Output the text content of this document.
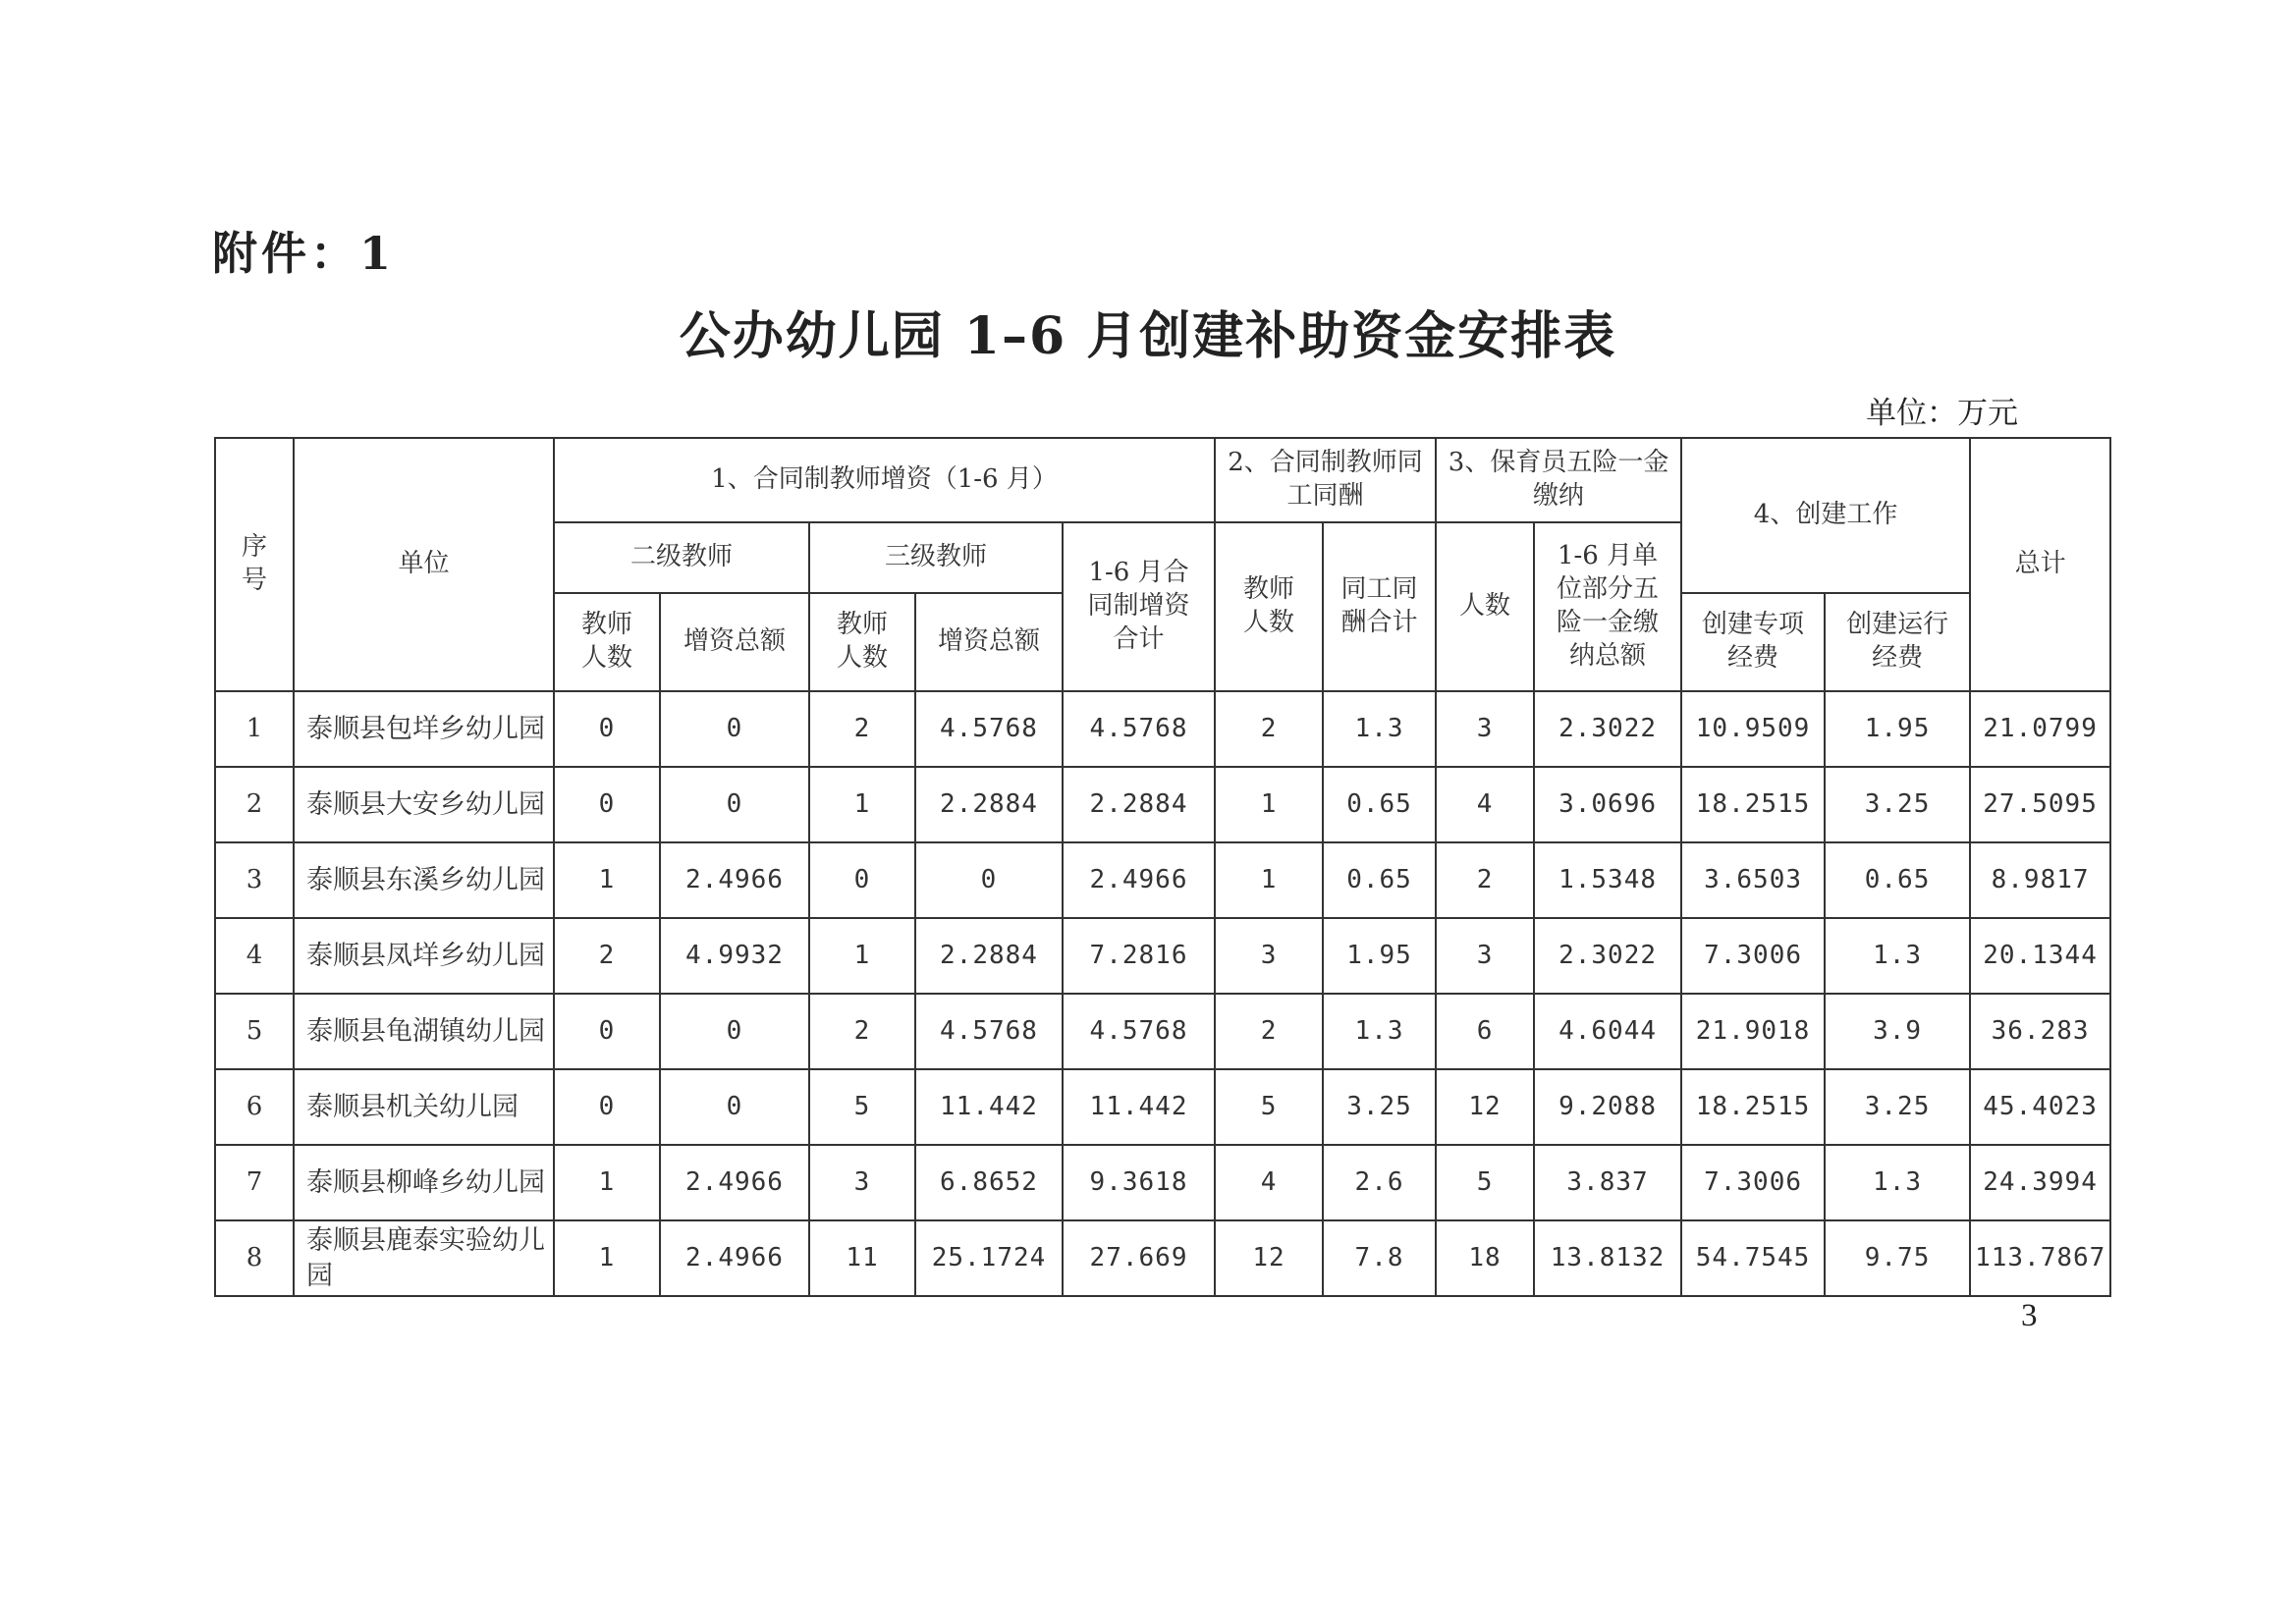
附件：1
公办幼儿园 1–6 月创建补助资金安排表
单位：万元
序号	单位	1、合同制教师增资（1-6 月）					2、合同制教师同工同酬		3、保育员五险一金缴纳		4、创建工作		总计
		二级教师		三级教师		1-6 月合同制增资合计	教师人数	同工同酬合计	人数	1-6 月单位部分五险一金缴纳总额			
		教师人数	增资总额	教师人数	增资总额						创建专项经费	创建运行经费	
1	泰顺县包垟乡幼儿园	0	0	2	4.5768	4.5768	2	1.3	3	2.3022	10.9509	1.95	21.0799
2	泰顺县大安乡幼儿园	0	0	1	2.2884	2.2884	1	0.65	4	3.0696	18.2515	3.25	27.5095
3	泰顺县东溪乡幼儿园	1	2.4966	0	0	2.4966	1	0.65	2	1.5348	3.6503	0.65	8.9817
4	泰顺县凤垟乡幼儿园	2	4.9932	1	2.2884	7.2816	3	1.95	3	2.3022	7.3006	1.3	20.1344
5	泰顺县龟湖镇幼儿园	0	0	2	4.5768	4.5768	2	1.3	6	4.6044	21.9018	3.9	36.283
6	泰顺县机关幼儿园	0	0	5	11.442	11.442	5	3.25	12	9.2088	18.2515	3.25	45.4023
7	泰顺县柳峰乡幼儿园	1	2.4966	3	6.8652	9.3618	4	2.6	5	3.837	7.3006	1.3	24.3994
8	泰顺县鹿泰实验幼儿园	1	2.4966	11	25.1724	27.669	12	7.8	18	13.8132	54.7545	9.75	113.7867
3
